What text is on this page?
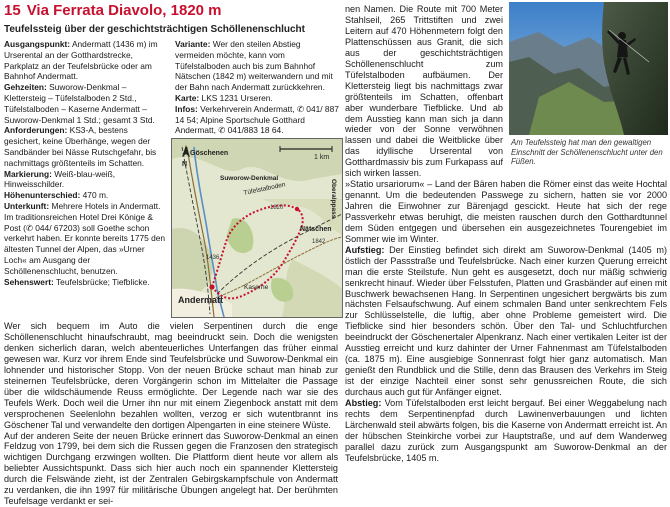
15 Via Ferrata Diavolo, 1820 m
Teufelssteig über der geschichtsträchtigen Schöllenenschlucht

Ausgangspunkt: Andermatt (1436 m) im Urserental an der Gotthardstrecke, Parkplatz an der Teufelsbrücke oder am Bahnhof Andermatt.

Gehzeiten: Suworow-Denkmal – Klettersteig – Tüfelstalboden 2 Std., Tüfelstalboden – Kaserne Andermatt – Suworow-Denkmal 1 Std.; gesamt 3 Std.

Anforderungen: KS3-A, bestens gesichert, keine Überhänge, wegen der Sandbänder bei Nässe Rutschgefahr, bis nachmittags größtenteils im Schatten.

Markierung: Weiß-blau-weiß, Hinweisschilder.

Höhenunterschied: 470 m.

Unterkunft: Mehrere Hotels in Andermatt. Im traditionsreichen Hotel Drei Könige & Post (✆ 044/ 67203) soll Goethe schon verkehrt haben. Er konnte bereits 1775 den ältesten Tunnel der Alpen, das »Urner Loch« am Ausgang der Schöllenenschlucht, benutzen.

Sehenswert: Teufelsbrücke; Tiefblicke.

Variante: Wer den steilen Abstieg vermeiden möchte, kann vom Tüfelstalboden auch bis zum Bahnhof Nätschen (1842 m) weiterwandern und mit der Bahn nach Andermatt zurückkehren.

Karte: LKS 1231 Urseren.

Infos: Verkehrverein Andermatt, ✆ 041/ 887 14 54; Alpine Sportschule Gotthard Andermatt, ✆ 041/883 18 64.

N
1 km
Göschenen
Suworow-Denkmal
Tüfelstalboden
Nätschen
Oberalppass
Kaserne
Andermatt
1436
1820
1842
Am Teufelssteig hat man den gewaltigen Einschnitt der Schöllenenschlucht unter den Füßen.
nen Namen. Die Route mit 700 Meter Stahlseil, 265 Trittstiften und zwei Leitern auf 470 Höhenmetern folgt den Plattenschüssen aus Granit, die sich aus der geschichtsträchtigen Schöllenenschlucht zum Tüfelstalboden aufbäumen. Der Klettersteig liegt bis nachmittags zwar größtenteils im Schatten, offenbart aber wunderbare Tiefblicke. Und ab dem Ausstieg kann man sich ja dann wieder von der Sonne verwöhnen lassen und dabei die Weitblicke über das idyllische Urserental von Gotthardmassiv bis zum Furkapass auf sich wirken lassen.

Wer sich bequem im Auto die vielen Serpentinen durch die enge Schöllenenschlucht hinaufschraubt, mag beeindruckt sein. Doch die wenigsten denken sicherlich daran, welch abenteuerliches Unterfangen das früher einmal gewesen war. Kurz vor ihrem Ende sind Teufelsbrücke und Suworow-Denkmal ein lohnender und historischer Stopp. Von der neuen Brücke schaut man hinab zur steinernen Teufelsbrücke, deren Vorgängerin schon im Mittelalter die Passage über die wildschäumende Reuss ermöglichte. Der Legende nach war sie des Teufels Werk. Doch weil die Urner ihn nur mit einem Ziegenbock anstatt mit dem versprochenen Seelenlohn bezahlen wollten, verzog er sich wutentbrannt ins Göschener Tal und verwandelte den dortigen Alpengarten in eine steinere Wüste.

Auf der anderen Seite der neuen Brücke erinnert das Suworow-Denkmal an einen Feldzug von 1799, bei dem sich die Russen gegen die Franzosen den strategisch wichtigen Durchgang erzwingen wollten. Die Plattform dient heute vor allem als beliebter Aussichtspunkt. Dass sich hier auch noch ein spannender Klettersteig durch die Felswände zieht, ist der Zentralen Gebirgskampfschule von Andermatt zu verdanken, die ihn 1997 für militärische Übungen angelegt hat. Der berühmten Teufelsage verdankt er sei-

»Statio ursariorum« – Land der Bären haben die Römer einst das weite Hochtal genannt. Um die bedeutenden Passwege zu sichern, hatten sie vor 2000 Jahren die Einwohner zur Bärenjagd gescickt. Heute hat sich der rege Passverkehr etwas beruhigt, die meisten rauschen durch den Gotthardtunnel dem Süden entgegen und übersehen ein ausgezeichnetes Tourengebiet im Sommer wie im Winter.

Aufstieg: Der Einstieg befindet sich direkt am Suworow-Denkmal (1405 m) östlich der Passstraße und Teufelsbrücke. Nach einer kurzen Querung erreicht man die erste Steilstufe. Nun geht es ausgesetzt, doch nur mäßig schwierig senkrecht hinauf. Wieder über Felsstufen, Platten und Grasbänder auf einen mit Buschwerk bewachsenen Hang. In Serpentinen ungesichert bergwärts bis zum nächsten Felsaufschwung. Auf einem schmalen Band unter senkrechtem Fels zur Schlüsselstelle, die luftig, aber ohne Probleme gemeistert wird. Die Tiefblicke sind hier besonders schön. Über den Tal- und Schluchtfurchen beeindruckt der Göschenertaler Alpenkranz. Nach einer vertikalen Leiter ist der Ausstieg erreicht und kurz dahinter der Urner Fahnenmast am Tüfelstalboden (ca. 1875 m). Eine ausgiebige Sonnenrast folgt hier ganz automatisch. Man genießt den Rundblick und die Stille, denn das Brausen des Verkehrs im Steig ist der einzige Nachteil einer sonst sehr genussreichen Route, die sich durchaus auch gut für Anfänger eignet.

Abstieg: Vom Tüfelstalboden erst leicht bergauf. Bei einer Weggabelung nach rechts dem Serpentinenpfad durch Lawinenverbauungen und lichten Lärchenwald steil abwärts folgen, bis die Kaserne von Andermatt erreicht ist. An der hübschen Steinkirche vorbei zur Hauptstraße, und auf dem Wanderweg parallel dazu zurück zum Ausgangspunkt am Suworow-Denkmal an der Teufelsbrücke, 1405 m.
